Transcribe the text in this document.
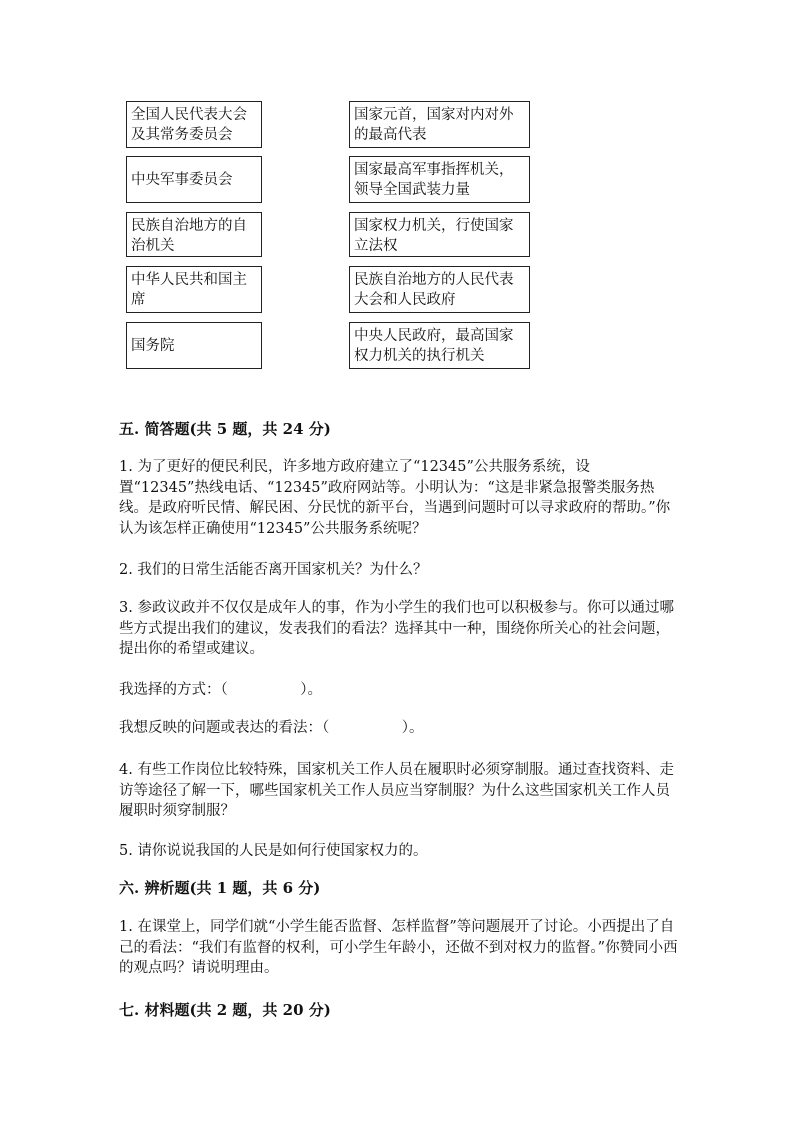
全国人民代表大会及其常务委员会
中央军事委员会
民族自治地方的自治机关
中华人民共和国主席
国务院
国家元首，国家对内对外的最高代表
国家最高军事指挥机关，领导全国武装力量
国家权力机关，行使国家立法权
民族自治地方的人民代表大会和人民政府
中央人民政府，最高国家权力机关的执行机关
五. 简答题(共 5 题，共 24 分)
1. 为了更好的便民利民，许多地方政府建立了“12345”公共服务系统，设置“12345”热线电话、“12345”政府网站等。小明认为：“这是非紧急报警类服务热线。是政府听民情、解民困、分民忧的新平台，当遇到问题时可以寻求政府的帮助。”你认为该怎样正确使用“12345”公共服务系统呢？
2. 我们的日常生活能否离开国家机关？为什么？
3. 参政议政并不仅仅是成年人的事，作为小学生的我们也可以积极参与。你可以通过哪些方式提出我们的建议，发表我们的看法？选择其中一种，围绕你所关心的社会问题，提出你的希望或建议。
我选择的方式：（　　　　　）。
我想反映的问题或表达的看法：（　　　　　）。
4. 有些工作岗位比较特殊，国家机关工作人员在履职时必须穿制服。通过查找资料、走访等途径了解一下，哪些国家机关工作人员应当穿制服？为什么这些国家机关工作人员履职时须穿制服？
5. 请你说说我国的人民是如何行使国家权力的。
六. 辨析题(共 1 题，共 6 分)
1. 在课堂上，同学们就“小学生能否监督、怎样监督”等问题展开了讨论。小西提出了自己的看法：“我们有监督的权利，可小学生年龄小，还做不到对权力的监督。”你赞同小西的观点吗？请说明理由。
七. 材料题(共 2 题，共 20 分)
